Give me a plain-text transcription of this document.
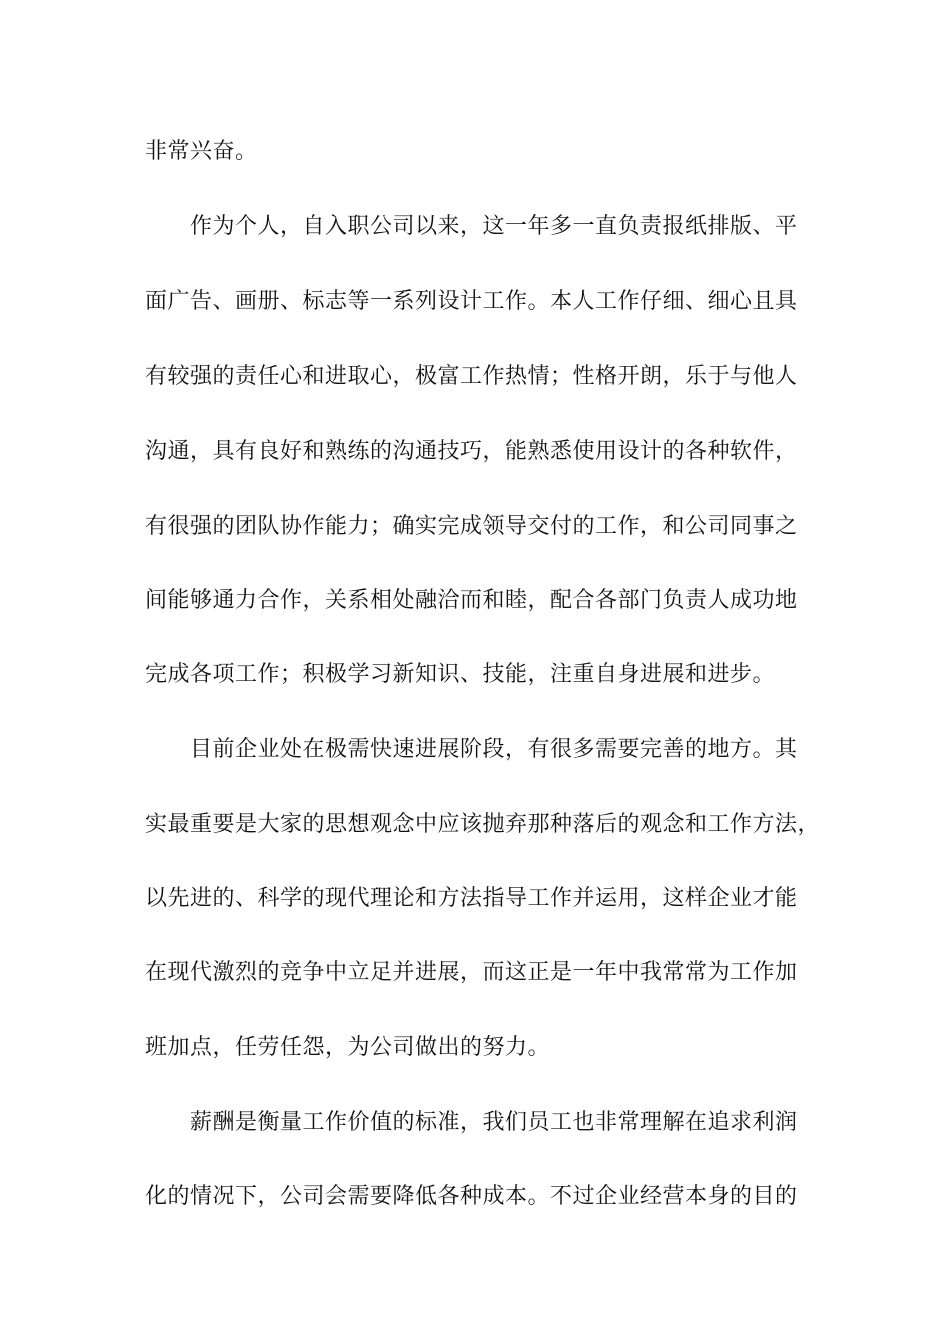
非常兴奋。
作为个人，自入职公司以来，这一年多一直负责报纸排版、平
面广告、画册、标志等一系列设计工作。本人工作仔细、细心且具
有较强的责任心和进取心，极富工作热情；性格开朗，乐于与他人
沟通，具有良好和熟练的沟通技巧，能熟悉使用设计的各种软件，
有很强的团队协作能力；确实完成领导交付的工作，和公司同事之
间能够通力合作，关系相处融洽而和睦，配合各部门负责人成功地
完成各项工作；积极学习新知识、技能，注重自身进展和进步。
目前企业处在极需快速进展阶段，有很多需要完善的地方。其
实最重要是大家的思想观念中应该抛弃那种落后的观念和工作方法，
以先进的、科学的现代理论和方法指导工作并运用，这样企业才能
在现代激烈的竞争中立足并进展，而这正是一年中我常常为工作加
班加点，任劳任怨，为公司做出的努力。
薪酬是衡量工作价值的标准，我们员工也非常理解在追求利润
化的情况下，公司会需要降低各种成本。不过企业经营本身的目的
